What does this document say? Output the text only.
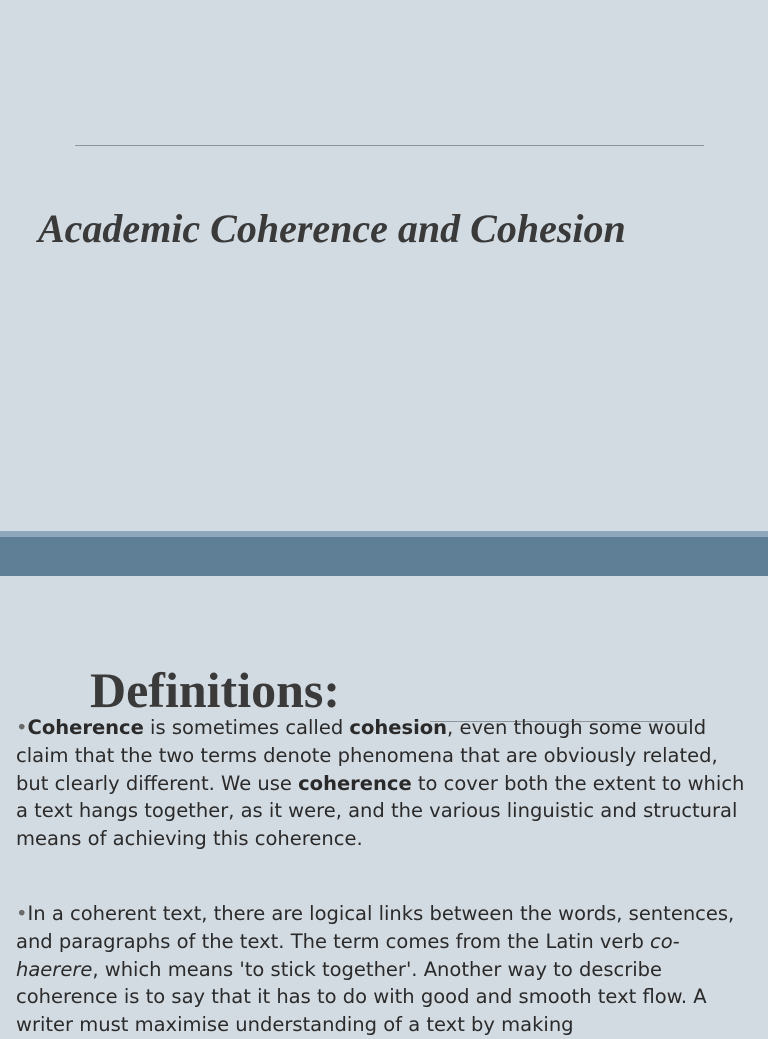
Academic Coherence and Cohesion
Definitions:

•Coherence is sometimes called cohesion, even though some would claim that the two terms denote phenomena that are obviously related, but clearly different. We use coherence to cover both the extent to which a text hangs together, as it were, and the various linguistic and structural means of achieving this coherence.

•In a coherent text, there are logical links between the words, sentences, and paragraphs of the text. The term comes from the Latin verb co-haerere, which means 'to stick together'. Another way to describe coherence is to say that it has to do with good and smooth text flow. A writer must maximise understanding of a text by making
